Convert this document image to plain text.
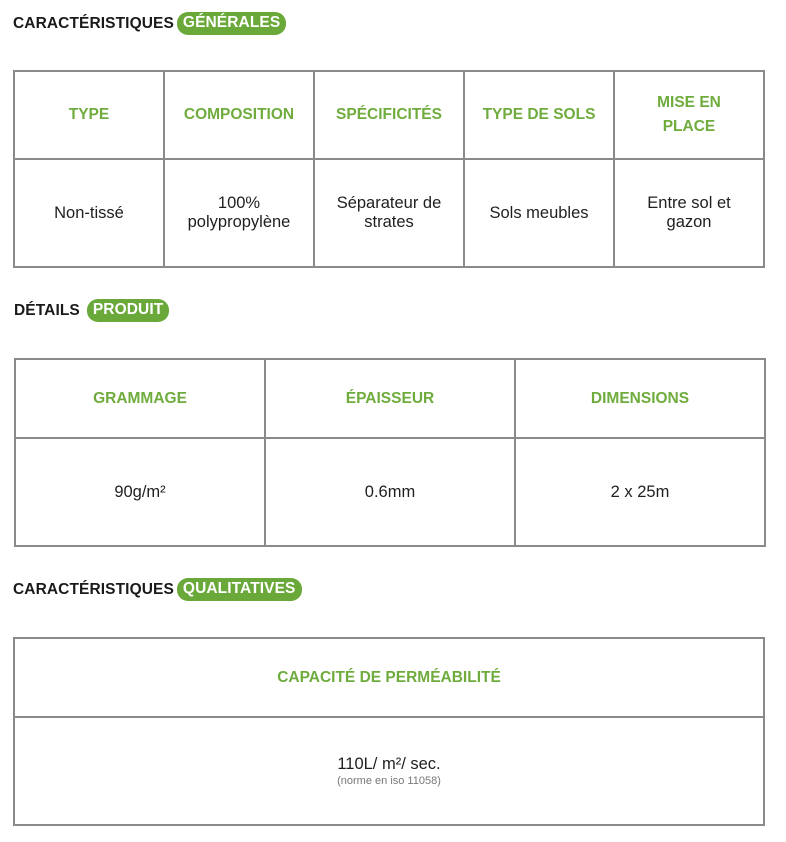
CARACTÉRISTIQUES GÉNÉRALES
TYPE	COMPOSITION	SPÉCIFICITÉS	TYPE DE SOLS	MISE EN PLACE
Non-tissé	100% polypropylène	Séparateur de strates	Sols meubles	Entre sol et gazon
DÉTAILS PRODUIT
GRAMMAGE	ÉPAISSEUR	DIMENSIONS
90g/m²	0.6mm	2 x 25m
CARACTÉRISTIQUES QUALITATIVES
CAPACITÉ DE PERMÉABILITÉ
110L/ m²/ sec.
(norme en iso 11058)
